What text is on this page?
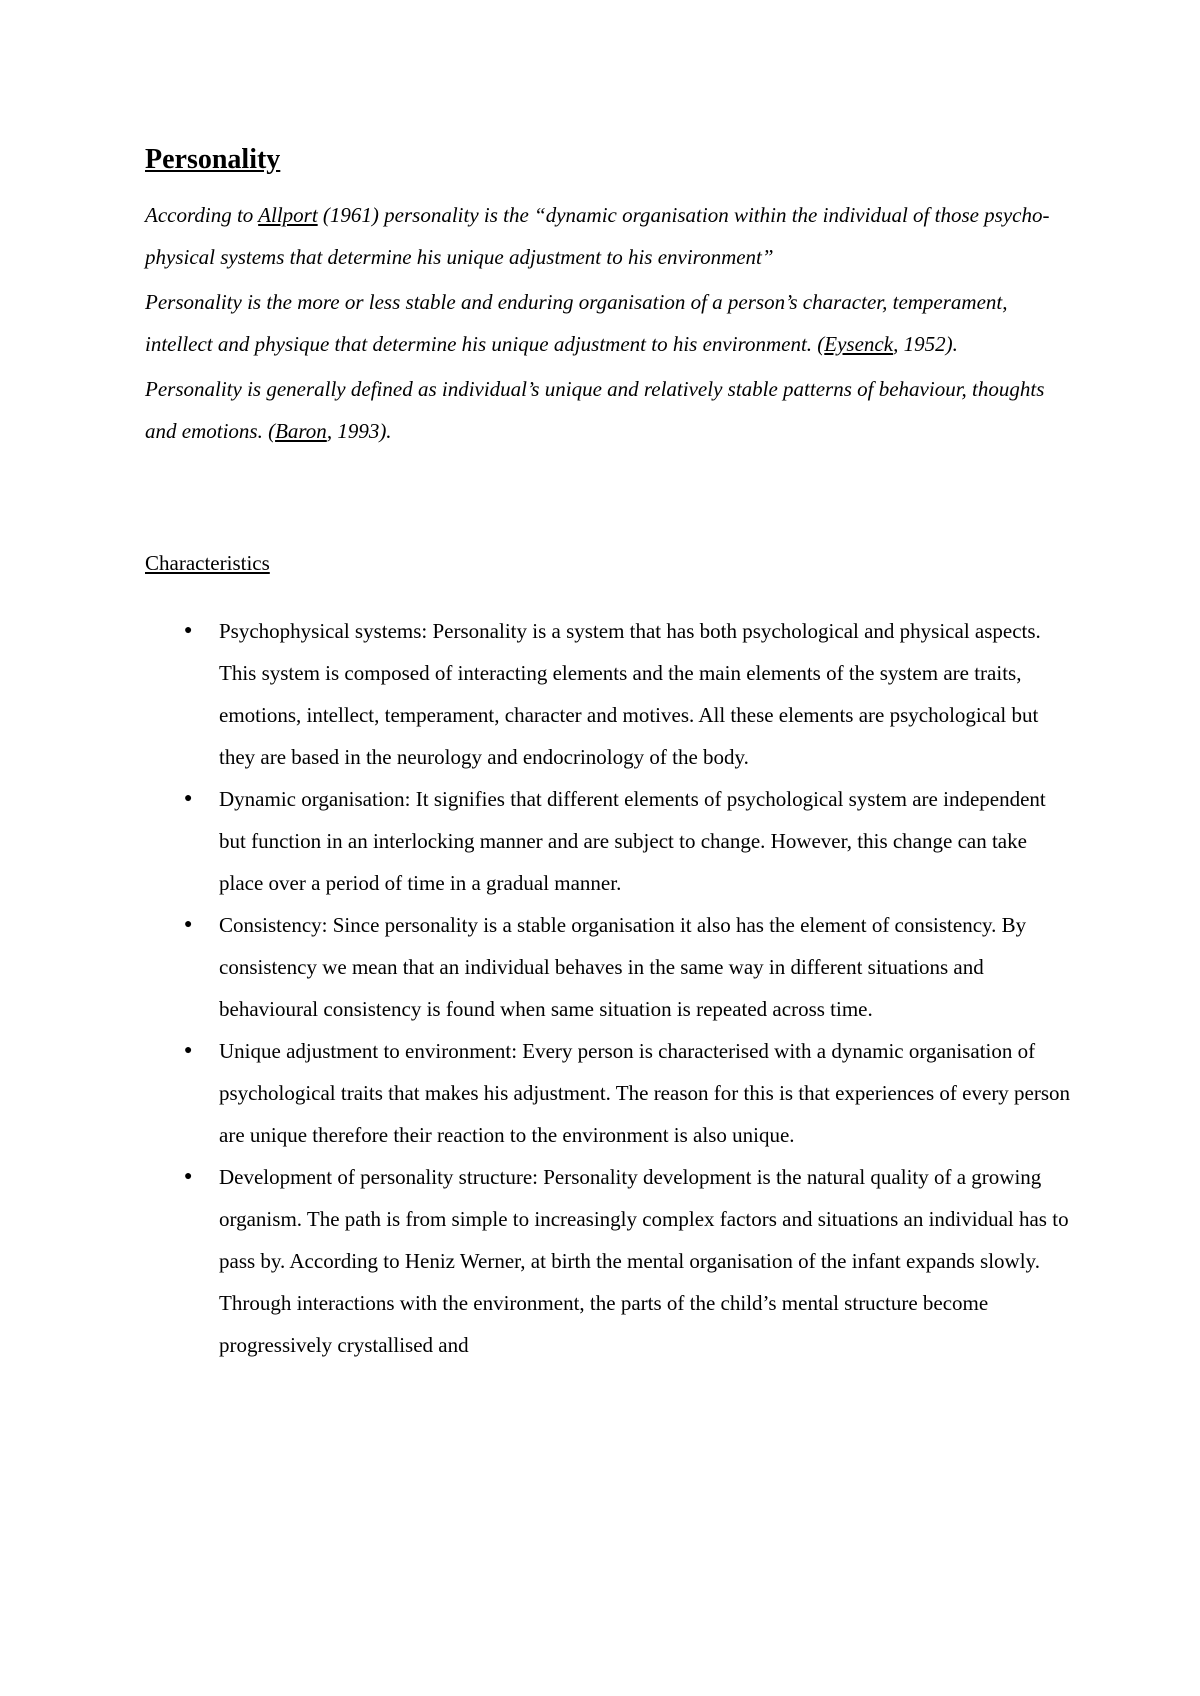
Personality

According to Allport (1961) personality is the “dynamic organisation within the individual of those psycho-physical systems that determine his unique adjustment to his environment”

Personality is the more or less stable and enduring organisation of a person’s character, temperament, intellect and physique that determine his unique adjustment to his environment. (Eysenck, 1952).

Personality is generally defined as individual’s unique and relatively stable patterns of behaviour, thoughts and emotions. (Baron, 1993).

Characteristics
● Psychophysical systems: Personality is a system that has both psychological and physical aspects. This system is composed of interacting elements and the main elements of the system are traits, emotions, intellect, temperament, character and motives. All these elements are psychological but they are based in the neurology and endocrinology of the body.
● Dynamic organisation: It signifies that different elements of psychological system are independent but function in an interlocking manner and are subject to change. However, this change can take place over a period of time in a gradual manner.
● Consistency: Since personality is a stable organisation it also has the element of consistency. By consistency we mean that an individual behaves in the same way in different situations and behavioural consistency is found when same situation is repeated across time.
● Unique adjustment to environment: Every person is characterised with a dynamic organisation of psychological traits that makes his adjustment. The reason for this is that experiences of every person are unique therefore their reaction to the environment is also unique.
● Development of personality structure: Personality development is the natural quality of a growing organism. The path is from simple to increasingly complex factors and situations an individual has to pass by. According to Heniz Werner, at birth the mental organisation of the infant expands slowly. Through interactions with the environment, the parts of the child’s mental structure become progressively crystallised and
